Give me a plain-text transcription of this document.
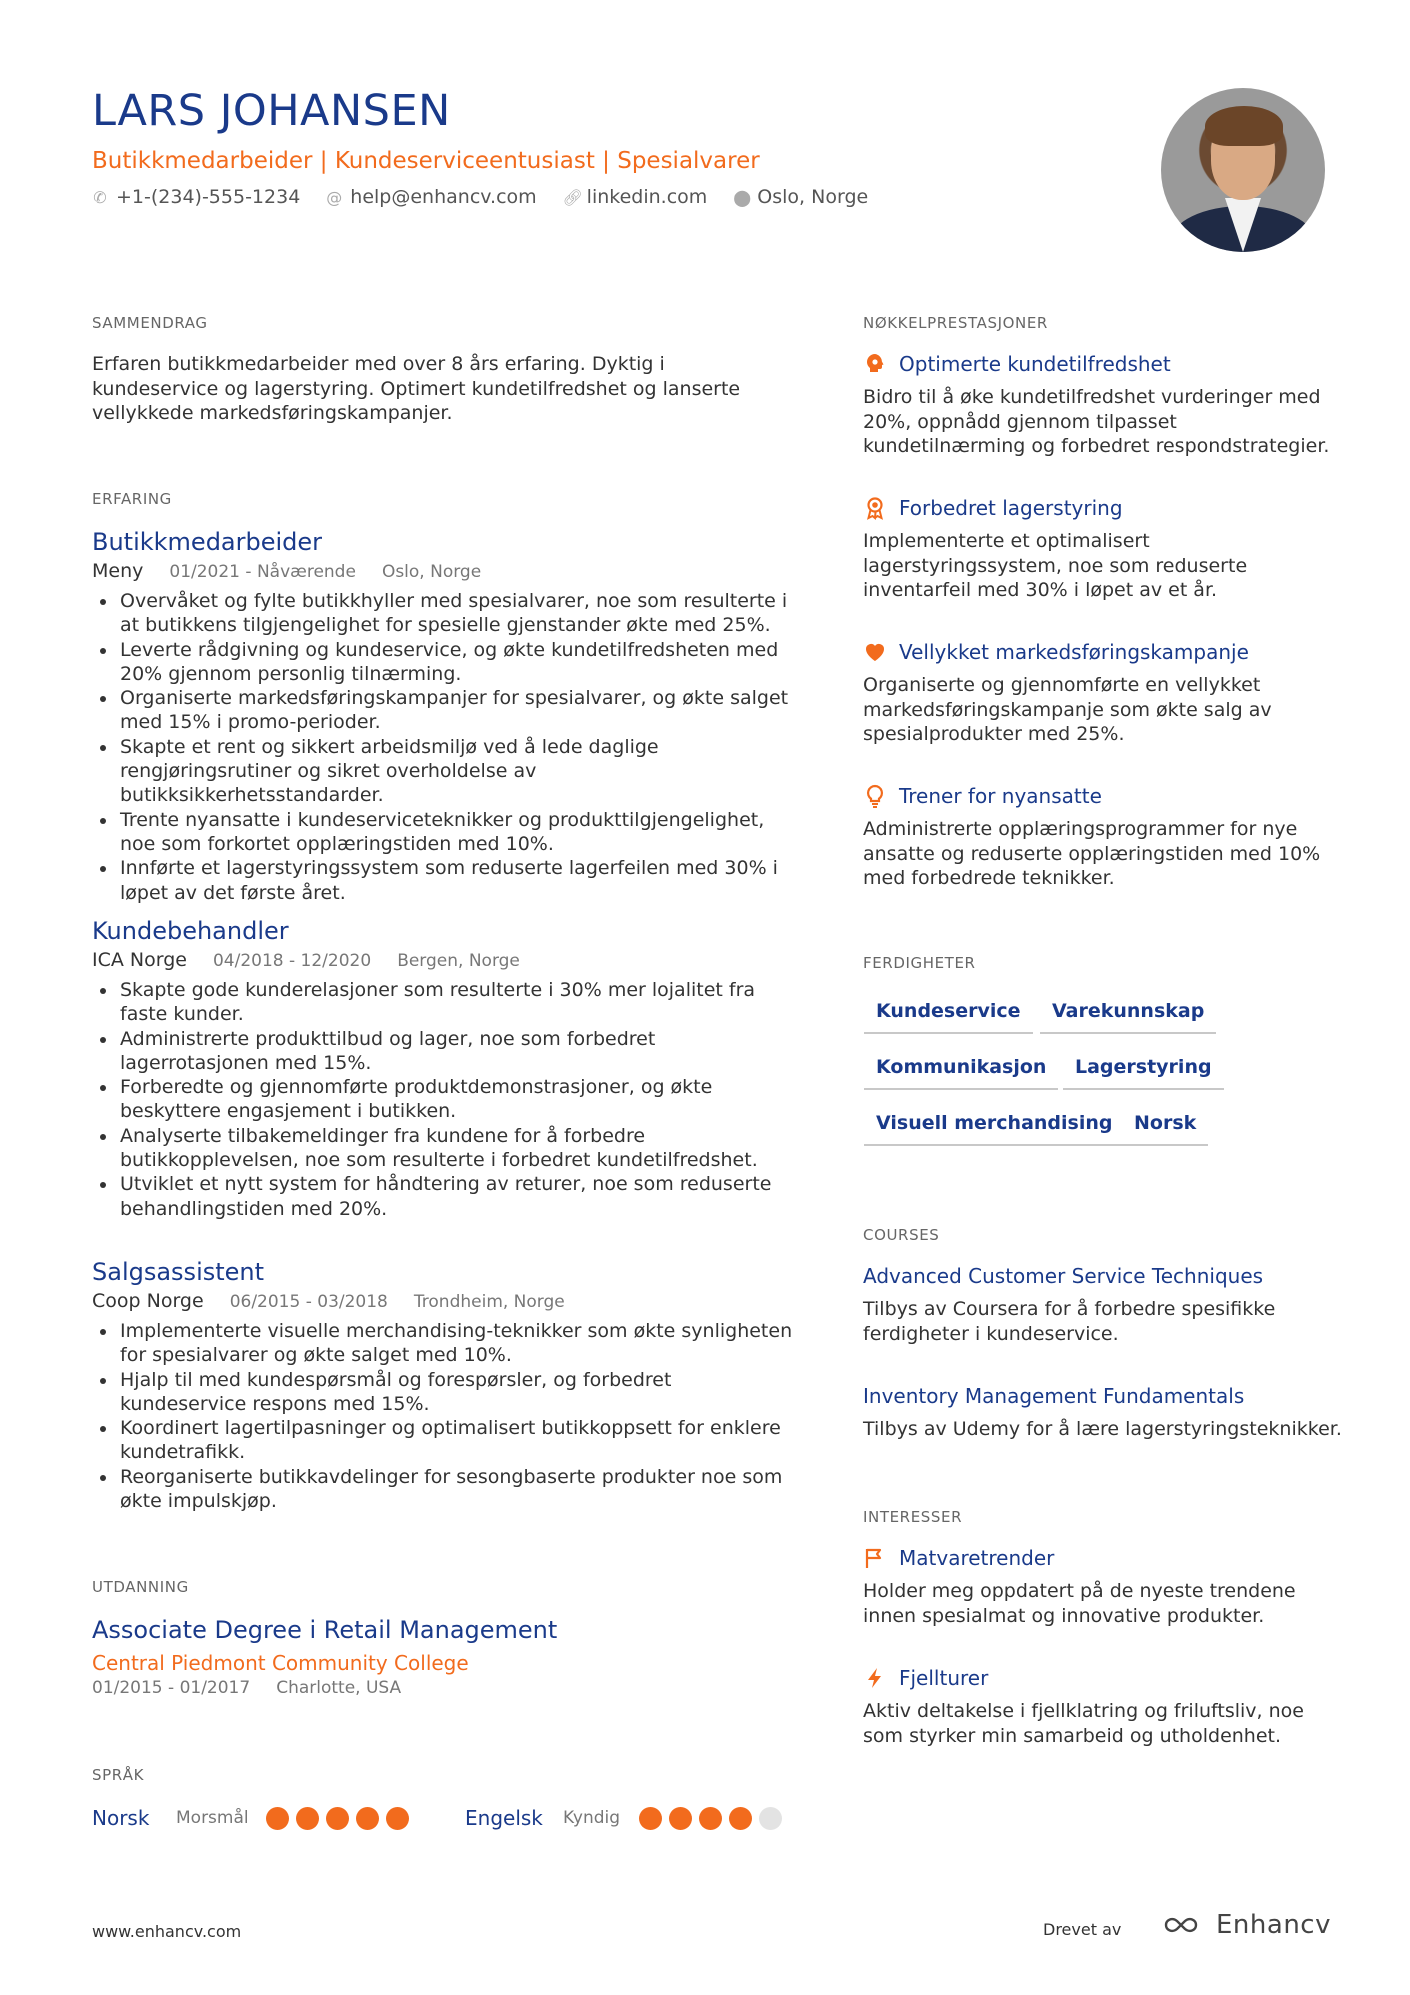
LARS JOHANSEN
Butikkmedarbeider | Kundeserviceentusiast | Spesialvarer
✆ +1-(234)-555-1234 @ help@enhancv.com 🔗︎ linkedin.com ⬤ Oslo, Norge
SAMMENDRAG
Erfaren butikkmedarbeider med over 8 års erfaring. Dyktig i kundeservice og lagerstyring. Optimert kundetilfredshet og lanserte vellykkede markedsføringskampanjer.
ERFARING
Butikkmedarbeider
Meny 01/2021 - Nåværende Oslo, Norge
Overvåket og fylte butikkhyller med spesialvarer, noe som resulterte i at butikkens tilgjengelighet for spesielle gjenstander økte med 25%.
Leverte rådgivning og kundeservice, og økte kundetilfredsheten med 20% gjennom personlig tilnærming.
Organiserte markedsføringskampanjer for spesialvarer, og økte salget med 15% i promo-perioder.
Skapte et rent og sikkert arbeidsmiljø ved å lede daglige rengjøringsrutiner og sikret overholdelse av butikksikkerhetsstandarder.
Trente nyansatte i kundeserviceteknikker og produkttilgjengelighet, noe som forkortet opplæringstiden med 10%.
Innførte et lagerstyringssystem som reduserte lagerfeilen med 30% i løpet av det første året.
Kundebehandler
ICA Norge 04/2018 - 12/2020 Bergen, Norge
Skapte gode kunderelasjoner som resulterte i 30% mer lojalitet fra faste kunder.
Administrerte produkttilbud og lager, noe som forbedret lagerrotasjonen med 15%.
Forberedte og gjennomførte produktdemonstrasjoner, og økte beskyttere engasjement i butikken.
Analyserte tilbakemeldinger fra kundene for å forbedre butikkopplevelsen, noe som resulterte i forbedret kundetilfredshet.
Utviklet et nytt system for håndtering av returer, noe som reduserte behandlingstiden med 20%.
Salgsassistent
Coop Norge 06/2015 - 03/2018 Trondheim, Norge
Implementerte visuelle merchandising-teknikker som økte synligheten for spesialvarer og økte salget med 10%.
Hjalp til med kundespørsmål og forespørsler, og forbedret kundeservice respons med 15%.
Koordinert lagertilpasninger og optimalisert butikkoppsett for enklere kundetrafikk.
Reorganiserte butikkavdelinger for sesongbaserte produkter noe som økte impulskjøp.
UTDANNING
Associate Degree i Retail Management
Central Piedmont Community College
01/2015 - 01/2017 Charlotte, USA
SPRÅK
Norsk	Morsmål	Engelsk	Kyndig
NØKKELPRESTASJONER
Optimerte kundetilfredshet
Bidro til å øke kundetilfredshet vurderinger med 20%, oppnådd gjennom tilpasset kundetilnærming og forbedret respondstrategier.
Forbedret lagerstyring
Implementerte et optimalisert lagerstyringssystem, noe som reduserte inventarfeil med 30% i løpet av et år.
Vellykket markedsføringskampanje
Organiserte og gjennomførte en vellykket markedsføringskampanje som økte salg av spesialprodukter med 25%.
Trener for nyansatte
Administrerte opplæringsprogrammer for nye ansatte og reduserte opplæringstiden med 10% med forbedrede teknikker.
FERDIGHETER
Kundeservice	Varekunnskap
Kommunikasjon	Lagerstyring
Visuell merchandising	Norsk
COURSES
Advanced Customer Service Techniques
Tilbys av Coursera for å forbedre spesifikke ferdigheter i kundeservice.
Inventory Management Fundamentals
Tilbys av Udemy for å lære lagerstyringsteknikker.
INTERESSER
Matvaretrender
Holder meg oppdatert på de nyeste trendene innen spesialmat og innovative produkter.
Fjellturer
Aktiv deltakelse i fjellklatring og friluftsliv, noe som styrker min samarbeid og utholdenhet.
www.enhancv.com	Drevet av	Enhancv
